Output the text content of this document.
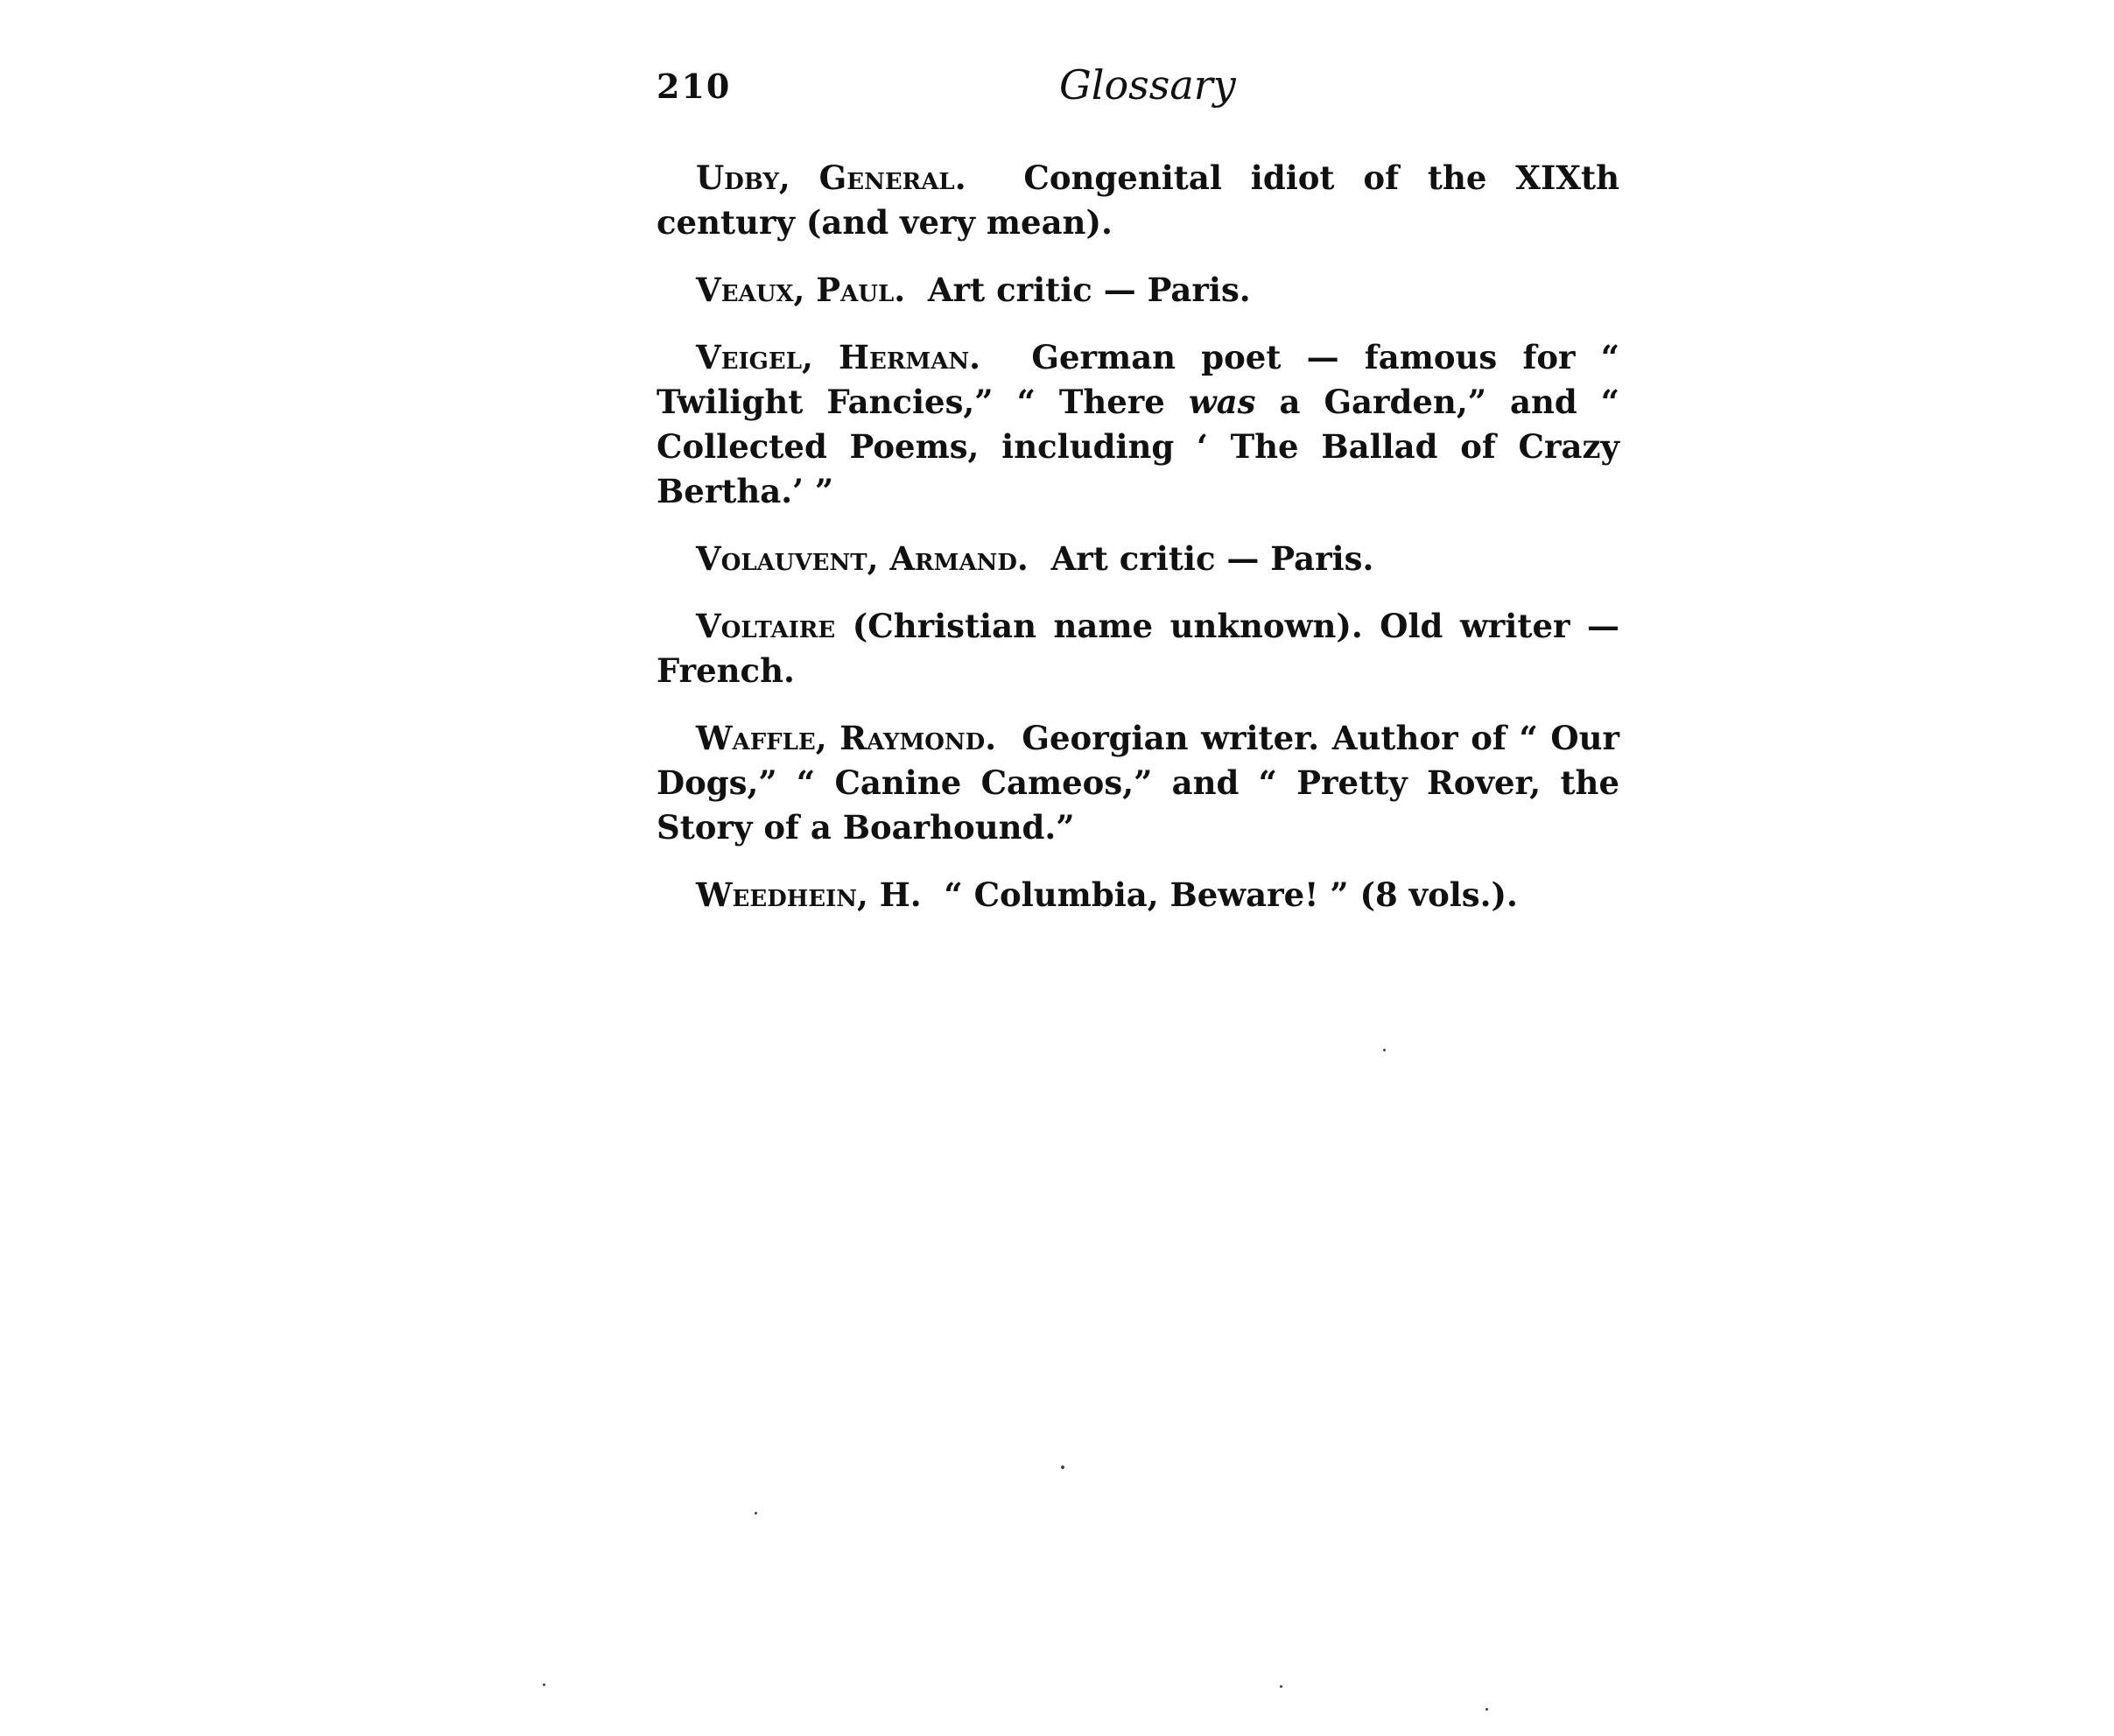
210	Glossary

Udby, General. Congenital idiot of the XIXth century (and very mean).

Veaux, Paul. Art critic — Paris.

Veigel, Herman. German poet — famous for “ Twilight Fancies,” “ There was a Garden,” and “ Collected Poems, including ‘ The Ballad of Crazy Bertha.’ ”

Volauvent, Armand. Art critic — Paris.

Voltaire (Christian name unknown). Old writer — French.

Waffle, Raymond. Georgian writer. Author of “ Our Dogs,” “ Canine Cameos,” and “ Pretty Rover, the Story of a Boarhound.”

Weedhein, H. “ Columbia, Beware! ” (8 vols.).
